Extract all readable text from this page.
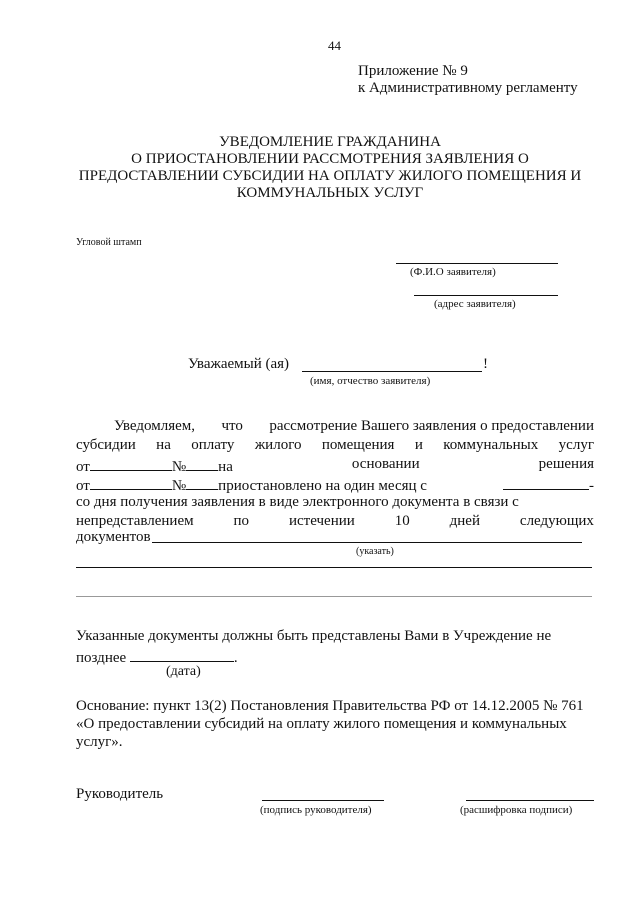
44
Приложение № 9
к Административному регламенту
УВЕДОМЛЕНИЕ ГРАЖДАНИНА
О ПРИОСТАНОВЛЕНИИ РАССМОТРЕНИЯ ЗАЯВЛЕНИЯ О
ПРЕДОСТАВЛЕНИИ СУБСИДИИ НА ОПЛАТУ ЖИЛОГО ПОМЕЩЕНИЯ И
КОММУНАЛЬНЫХ УСЛУГ
Угловой штамп
(Ф.И.О заявителя)
(адрес заявителя)
Уважаемый (ая)	!
(имя, отчество заявителя)
Уведомляем, что рассмотрение Вашего заявления о предоставлении
субсидии на оплату жилого помещения и коммунальных услуг
от	№ на	основании	решения
от	№ приостановлено на один месяц с	-
со дня получения заявления в виде электронного документа в связи с
непредставлением	по	истечении	10	дней	следующих
документов
(указать)
Указанные документы должны быть представлены Вами в Учреждение не
позднее	.
(дата)
Основание: пункт 13(2) Постановления Правительства РФ от 14.12.2005 № 761
«О предоставлении субсидий на оплату жилого помещения и коммунальных
услуг».
Руководитель
(подпись руководителя)	(расшифровка подписи)
